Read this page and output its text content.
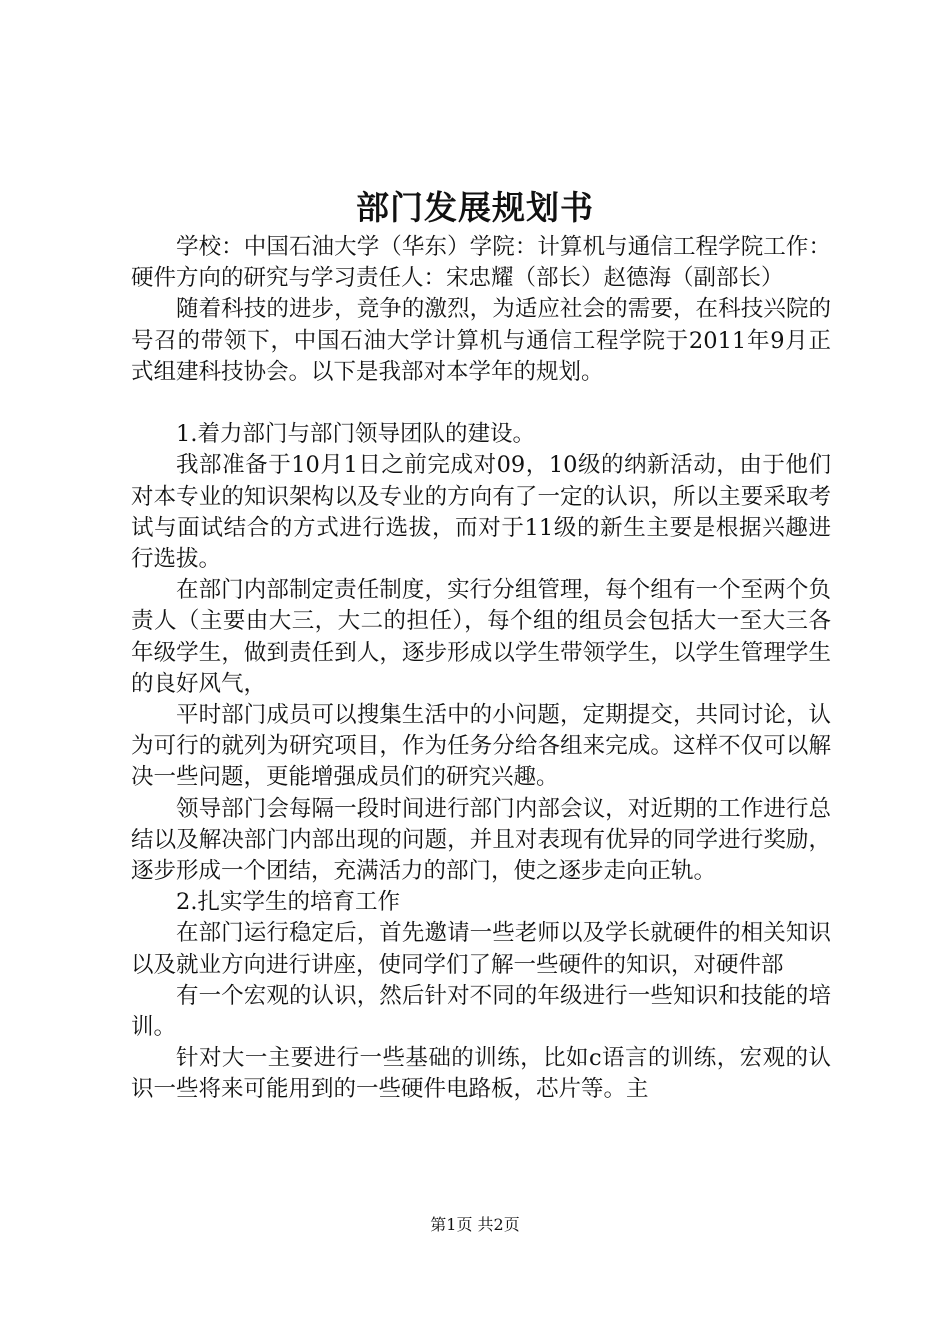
部门发展规划书

学校：中国石油大学（华东）学院：计算机与通信工程学院工作：硬件方向的研究与学习责任人：宋忠耀（部长）赵德海（副部长）

随着科技的进步，竞争的激烈，为适应社会的需要，在科技兴院的号召的带领下，中国石油大学计算机与通信工程学院于2011年9月正式组建科技协会。以下是我部对本学年的规划。

1.着力部门与部门领导团队的建设。

我部准备于10月1日之前完成对09，10级的纳新活动，由于他们对本专业的知识架构以及专业的方向有了一定的认识，所以主要采取考试与面试结合的方式进行选拔，而对于11级的新生主要是根据兴趣进行选拔。

在部门内部制定责任制度，实行分组管理，每个组有一个至两个负责人（主要由大三，大二的担任），每个组的组员会包括大一至大三各年级学生，做到责任到人，逐步形成以学生带领学生，以学生管理学生的良好风气，

平时部门成员可以搜集生活中的小问题，定期提交，共同讨论，认为可行的就列为研究项目，作为任务分给各组来完成。这样不仅可以解决一些问题，更能增强成员们的研究兴趣。

领导部门会每隔一段时间进行部门内部会议，对近期的工作进行总结以及解决部门内部出现的问题，并且对表现有优异的同学进行奖励，逐步形成一个团结，充满活力的部门，使之逐步走向正轨。

2.扎实学生的培育工作

在部门运行稳定后，首先邀请一些老师以及学长就硬件的相关知识以及就业方向进行讲座，使同学们了解一些硬件的知识，对硬件部

有一个宏观的认识，然后针对不同的年级进行一些知识和技能的培训。

针对大一主要进行一些基础的训练，比如c语言的训练，宏观的认识一些将来可能用到的一些硬件电路板，芯片等。主

第1页 共2页
